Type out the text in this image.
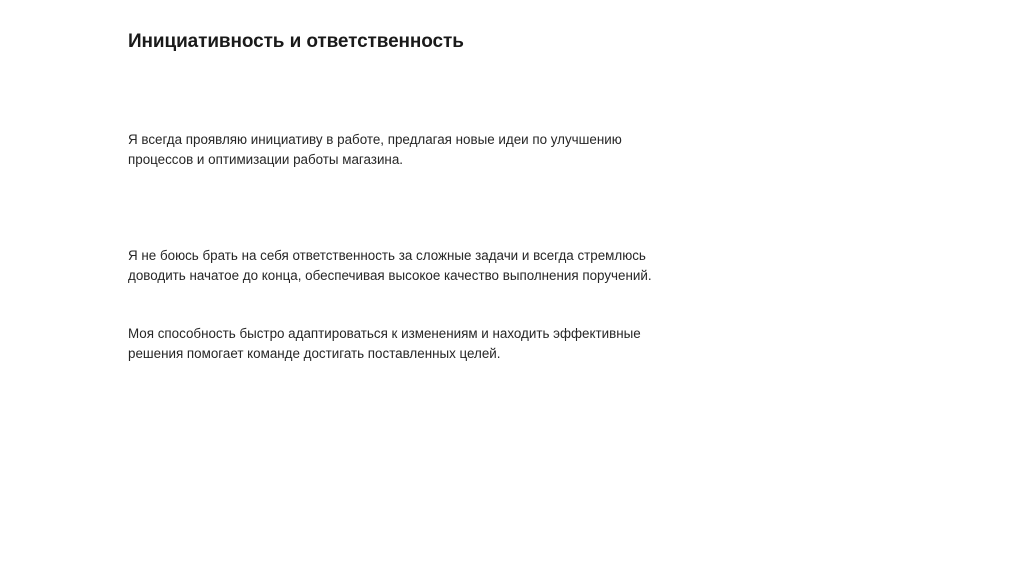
Инициативность и ответственность
Я всегда проявляю инициативу в работе, предлагая новые идеи по улучшению
процессов и оптимизации работы магазина.
Я не боюсь брать на себя ответственность за сложные задачи и всегда стремлюсь
доводить начатое до конца, обеспечивая высокое качество выполнения поручений.
Моя способность быстро адаптироваться к изменениям и находить эффективные
решения помогает команде достигать поставленных целей.
